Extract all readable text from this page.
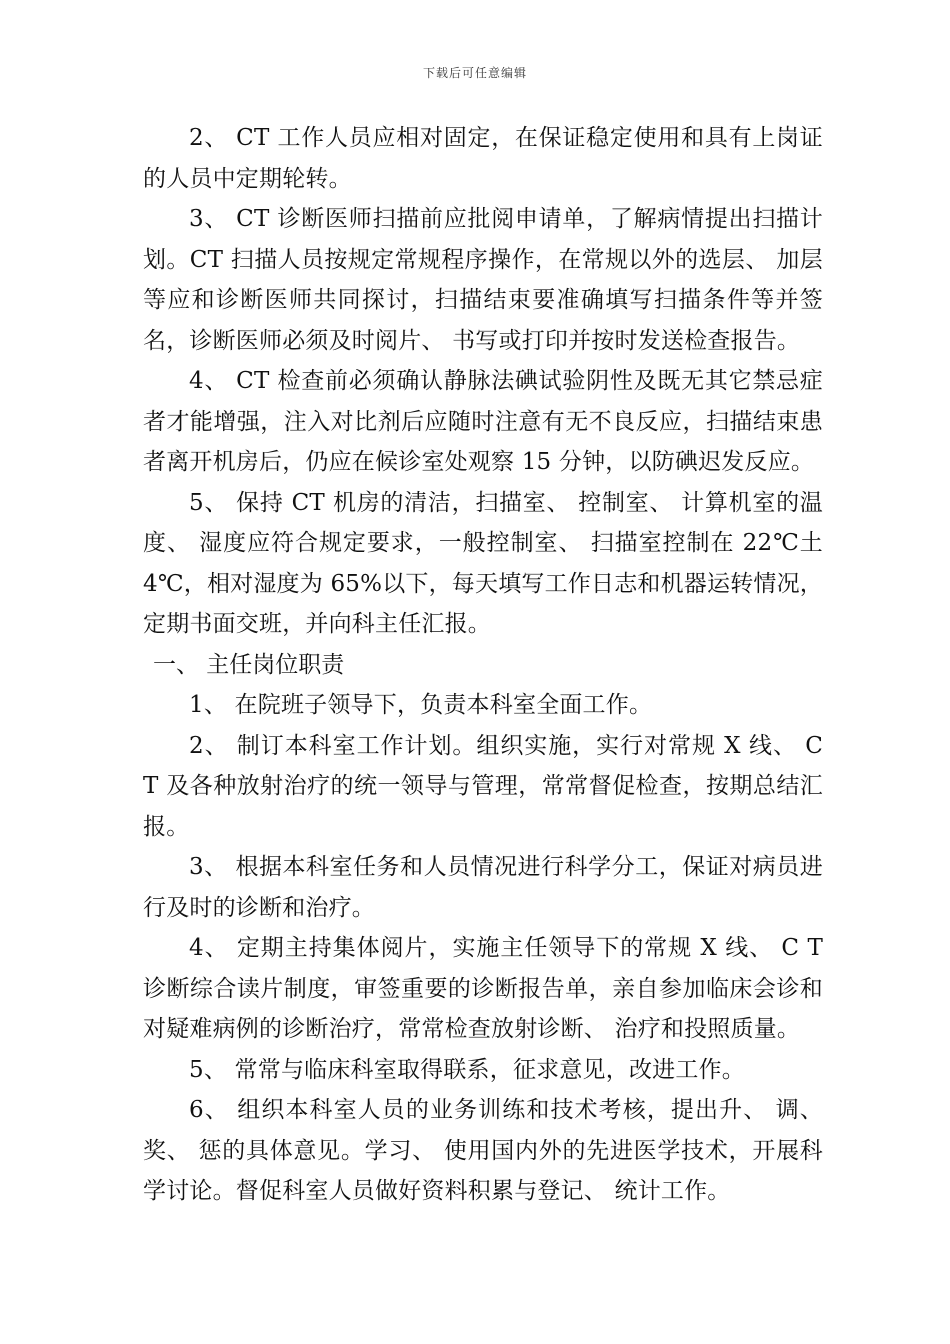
下载后可任意编辑

2、 CT 工作人员应相对固定，在保证稳定使用和具有上岗证的人员中定期轮转。

3、 CT 诊断医师扫描前应批阅申请单，了解病情提出扫描计划。CT 扫描人员按规定常规程序操作，在常规以外的选层、 加层等应和诊断医师共同探讨，扫描结束要准确填写扫描条件等并签名，诊断医师必须及时阅片、 书写或打印并按时发送检查报告。

4、 CT 检查前必须确认静脉法碘试验阴性及既无其它禁忌症者才能增强，注入对比剂后应随时注意有无不良反应，扫描结束患者离开机房后，仍应在候诊室处观察 15 分钟，以防碘迟发反应。

5、 保持 CT 机房的清洁，扫描室、 控制室、 计算机室的温度、 湿度应符合规定要求，一般控制室、 扫描室控制在 22℃土 4℃，相对湿度为 65%以下，每天填写工作日志和机器运转情况，定期书面交班，并向科主任汇报。

一、 主任岗位职责

1、 在院班子领导下，负责本科室全面工作。

2、 制订本科室工作计划。组织实施，实行对常规 X 线、 C T 及各种放射治疗的统一领导与管理，常常督促检查，按期总结汇报。

3、 根据本科室任务和人员情况进行科学分工，保证对病员进行及时的诊断和治疗。

4、 定期主持集体阅片，实施主任领导下的常规 X 线、 C T 诊断综合读片制度，审签重要的诊断报告单，亲自参加临床会诊和对疑难病例的诊断治疗，常常检查放射诊断、 治疗和投照质量。

5、 常常与临床科室取得联系，征求意见，改进工作。

6、 组织本科室人员的业务训练和技术考核，提出升、 调、奖、 惩的具体意见。学习、 使用国内外的先进医学技术，开展科学讨论。督促科室人员做好资料积累与登记、 统计工作。
